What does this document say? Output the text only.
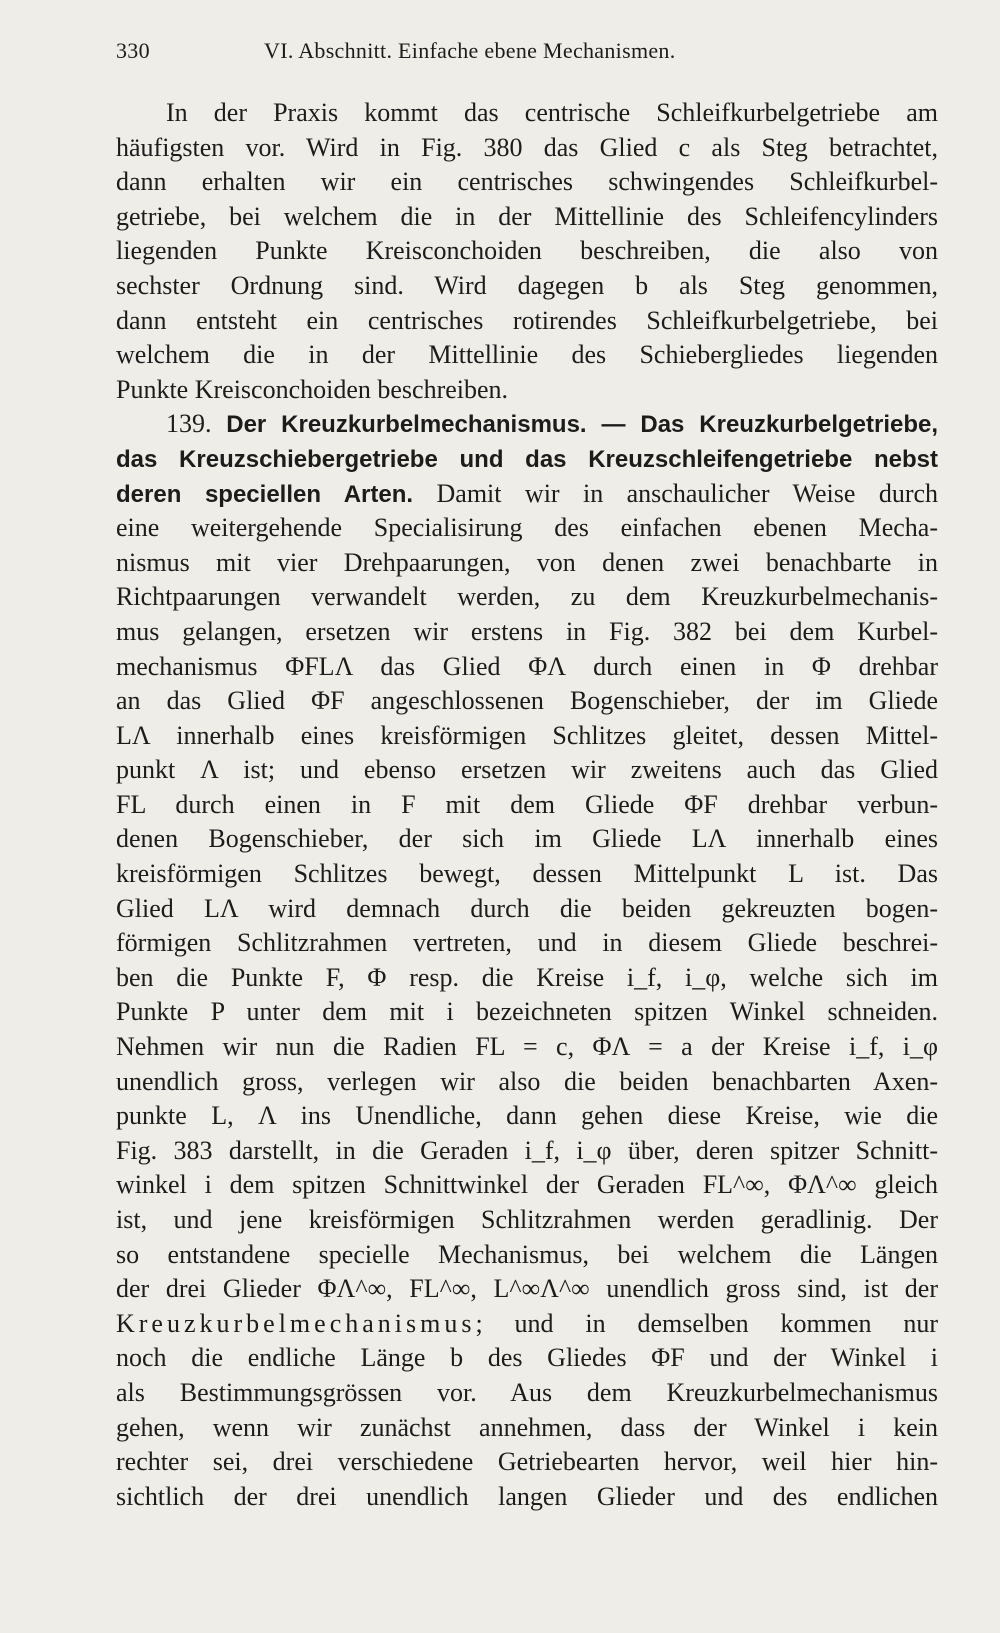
330	VI. Abschnitt. Einfache ebene Mechanismen.
In der Praxis kommt das centrische Schleifkurbelgetriebe am
häufigsten vor. Wird in Fig. 380 das Glied c als Steg betrachtet,
dann erhalten wir ein centrisches schwingendes Schleifkurbel-
getriebe, bei welchem die in der Mittellinie des Schleifencylinders
liegenden Punkte Kreisconchoiden beschreiben, die also von
sechster Ordnung sind. Wird dagegen b als Steg genommen,
dann entsteht ein centrisches rotirendes Schleifkurbelgetriebe, bei
welchem die in der Mittellinie des Schiebergliedes liegenden
Punkte Kreisconchoiden beschreiben.
139. Der Kreuzkurbelmechanismus. — Das Kreuzkurbelgetriebe,
das Kreuzschiebergetriebe und das Kreuzschleifengetriebe nebst
deren speciellen Arten. Damit wir in anschaulicher Weise durch
eine weitergehende Specialisirung des einfachen ebenen Mecha-
nismus mit vier Drehpaarungen, von denen zwei benachbarte in
Richtpaarungen verwandelt werden, zu dem Kreuzkurbelmechanis-
mus gelangen, ersetzen wir erstens in Fig. 382 bei dem Kurbel-
mechanismus ΦFLΛ das Glied ΦΛ durch einen in Φ drehbar
an das Glied ΦF angeschlossenen Bogenschieber, der im Gliede
LΛ innerhalb eines kreisförmigen Schlitzes gleitet, dessen Mittel-
punkt Λ ist; und ebenso ersetzen wir zweitens auch das Glied
FL durch einen in F mit dem Gliede ΦF drehbar verbun-
denen Bogenschieber, der sich im Gliede LΛ innerhalb eines
kreisförmigen Schlitzes bewegt, dessen Mittelpunkt L ist. Das
Glied LΛ wird demnach durch die beiden gekreuzten bogen-
förmigen Schlitzrahmen vertreten, und in diesem Gliede beschrei-
ben die Punkte F, Φ resp. die Kreise i_f, i_φ, welche sich im
Punkte P unter dem mit i bezeichneten spitzen Winkel schneiden.
Nehmen wir nun die Radien FL = c, ΦΛ = a der Kreise i_f, i_φ
unendlich gross, verlegen wir also die beiden benachbarten Axen-
punkte L, Λ ins Unendliche, dann gehen diese Kreise, wie die
Fig. 383 darstellt, in die Geraden i_f, i_φ über, deren spitzer Schnitt-
winkel i dem spitzen Schnittwinkel der Geraden FL^∞, ΦΛ^∞ gleich
ist, und jene kreisförmigen Schlitzrahmen werden geradlinig. Der
so entstandene specielle Mechanismus, bei welchem die Längen
der drei Glieder ΦΛ^∞, FL^∞, L^∞Λ^∞ unendlich gross sind, ist der
Kreuzkurbelmechanismus; und in demselben kommen nur
noch die endliche Länge b des Gliedes ΦF und der Winkel i
als Bestimmungsgrössen vor. Aus dem Kreuzkurbelmechanismus
gehen, wenn wir zunächst annehmen, dass der Winkel i kein
rechter sei, drei verschiedene Getriebearten hervor, weil hier hin-
sichtlich der drei unendlich langen Glieder und des endlichen
